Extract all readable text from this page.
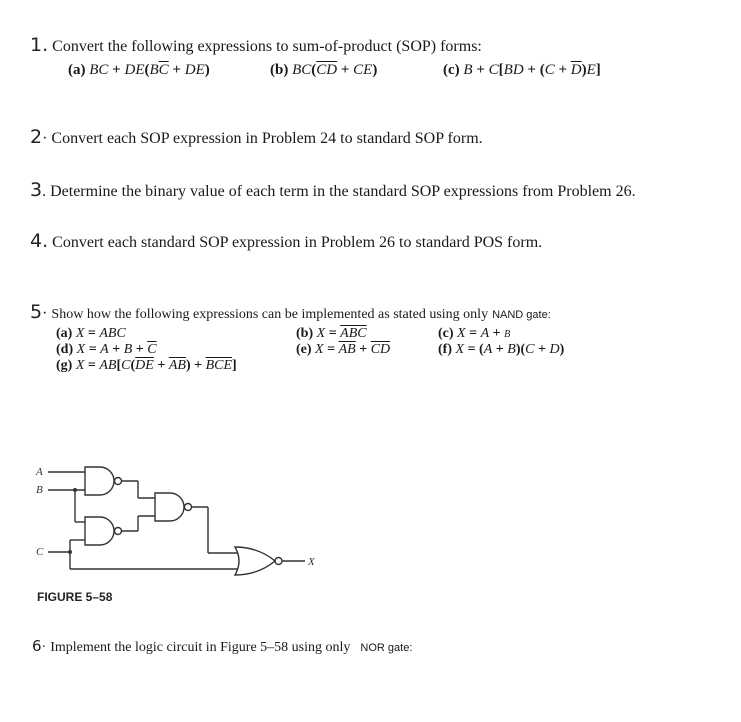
1. Convert the following expressions to sum-of-product (SOP) forms:
(a) BC + $DE(B\overline{C} + DE)$	(b) $BC(\overline{CD} + CE)$	(c) $B + C[BD + (C + \overline{D})E]$
2· Convert each SOP expression in Problem 24 to standard SOP form.
3. Determine the binary value of each term in the standard SOP expressions from Problem 26.
4. Convert each standard SOP expression in Problem 26 to standard POS form.
5· Show how the following expressions can be implemented as stated using only NAND gate:
(a) X = ABC	(b) $X = \overline{ABC}$	(c) X = A + B
(d) $X = A + B + \overline{C}$	(e) $X = \overline{AB} + \overline{CD}$	(f) X = (A + B)(C + D)
(g) $X = AB[C(\overline{DE} + \overline{AB}) + \overline{BCE}]$
A
B
C
X
FIGURE 5–58
6· Implement the logic circuit in Figure 5–58 using only NOR gate:
